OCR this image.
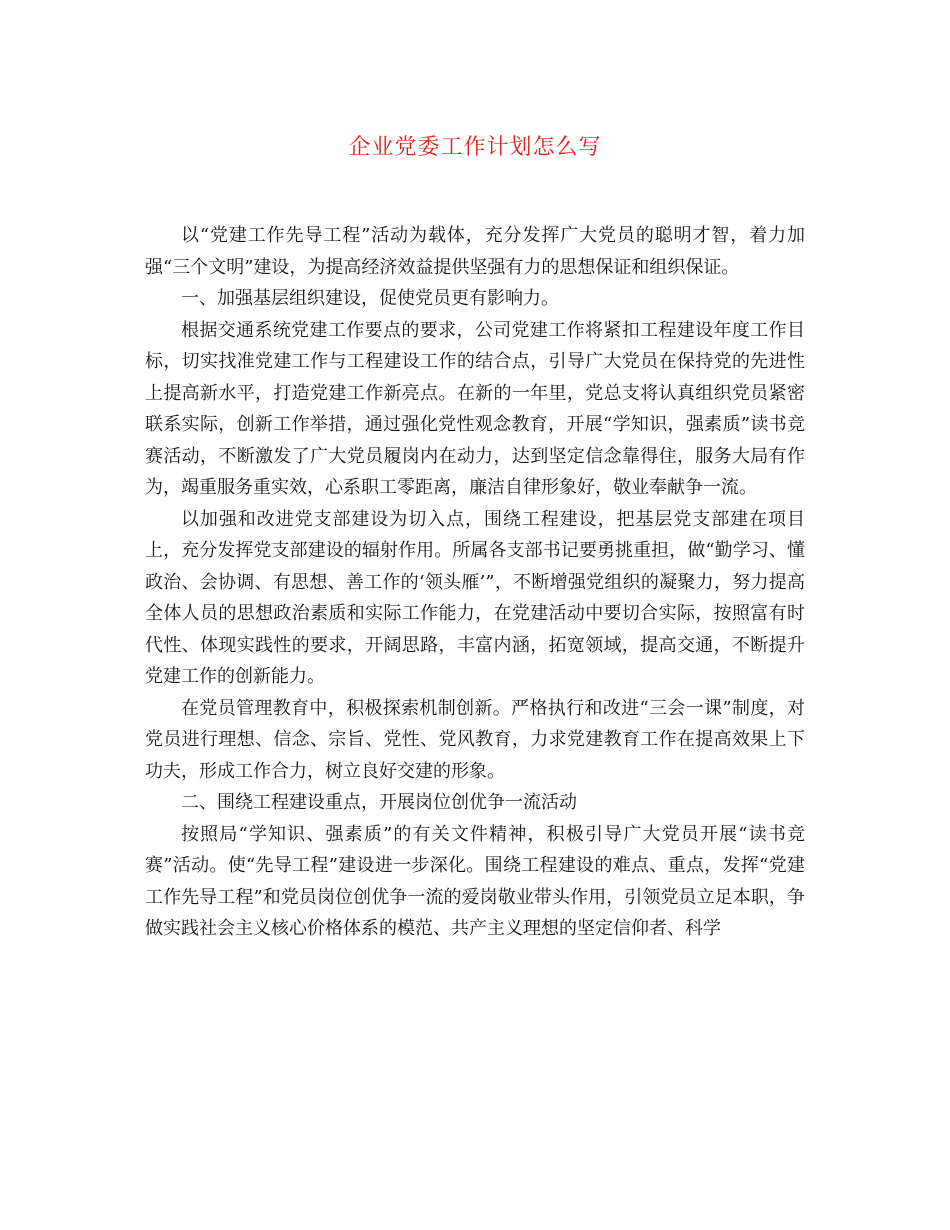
企业党委工作计划怎么写

以“党建工作先导工程”活动为载体，充分发挥广大党员的聪明才智，着力加强“三个文明”建设，为提高经济效益提供坚强有力的思想保证和组织保证。

一、加强基层组织建设，促使党员更有影响力。

根据交通系统党建工作要点的要求，公司党建工作将紧扣工程建设年度工作目标，切实找准党建工作与工程建设工作的结合点，引导广大党员在保持党的先进性上提高新水平，打造党建工作新亮点。在新的一年里，党总支将认真组织党员紧密联系实际，创新工作举措，通过强化党性观念教育，开展“学知识，强素质”读书竞赛活动，不断激发了广大党员履岗内在动力，达到坚定信念靠得住，服务大局有作为，竭重服务重实效，心系职工零距离，廉洁自律形象好，敬业奉献争一流。

以加强和改进党支部建设为切入点，围绕工程建设，把基层党支部建在项目上，充分发挥党支部建设的辐射作用。所属各支部书记要勇挑重担，做“勤学习、懂政治、会协调、有思想、善工作的‘领头雁’”，不断增强党组织的凝聚力，努力提高全体人员的思想政治素质和实际工作能力，在党建活动中要切合实际，按照富有时代性、体现实践性的要求，开阔思路，丰富内涵，拓宽领域，提高交通，不断提升党建工作的创新能力。

在党员管理教育中，积极探索机制创新。严格执行和改进“三会一课”制度，对党员进行理想、信念、宗旨、党性、党风教育，力求党建教育工作在提高效果上下功夫，形成工作合力，树立良好交建的形象。

二、围绕工程建设重点，开展岗位创优争一流活动

按照局“学知识、强素质”的有关文件精神，积极引导广大党员开展“读书竞赛”活动。使“先导工程”建设进一步深化。围绕工程建设的难点、重点，发挥“党建工作先导工程”和党员岗位创优争一流的爱岗敬业带头作用，引领党员立足本职，争做实践社会主义核心价格体系的模范、共产主义理想的坚定信仰者、科学
